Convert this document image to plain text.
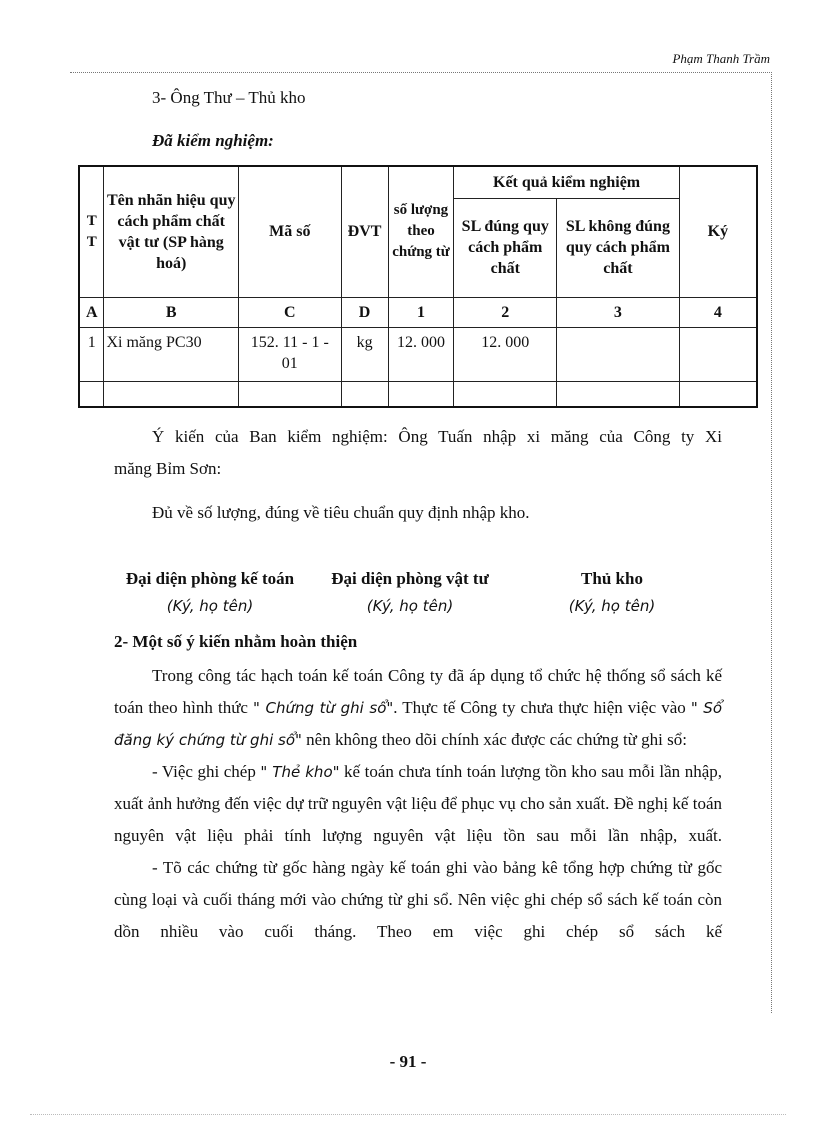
Phạm Thanh Trầm
3- Ông Thư – Thủ kho
Đã kiểm nghiệm:
T T	Tên nhãn hiệu quy cách phẩm chất vật tư (SP hàng hoá)	Mã số	ĐVT	số lượng theo chứng từ	Kết quả kiểm nghiệm		Ký
					SL đúng quy cách phẩm chất	SL không đúng quy cách phẩm chất	
A	B	C	D	1	2	3	4
1	Xi măng PC30	152. 11 - 1 - 01	kg	12. 000	12. 000		

Ý kiến của Ban kiểm nghiệm: Ông Tuấn nhập xi măng của Công ty Xi

măng Bỉm Sơn:

Đủ về số lượng, đúng về tiêu chuẩn quy định nhập kho.

Đại diện phòng kế toán
(Ký, họ tên)
Đại diện phòng vật tư
(Ký, họ tên)
Thủ kho
(Ký, họ tên)
2- Một số ý kiến nhằm hoàn thiện

Trong công tác hạch toán kế toán Công ty đã áp dụng tổ chức hệ thống sổ sách kế toán theo hình thức " Chứng từ ghi sổ". Thực tế Công ty chưa thực hiện việc vào " Sổ đăng ký chứng từ ghi sổ" nên không theo dõi chính xác được các chứng từ ghi sổ:

- Việc ghi chép " Thẻ kho" kế toán chưa tính toán lượng tồn kho sau mỗi lần nhập, xuất ảnh hưởng đến việc dự trữ nguyên vật liệu để phục vụ cho sản xuất. Đề nghị kế toán nguyên vật liệu phải tính lượng nguyên vật liệu tồn sau mỗi lần nhập, xuất.

- Tõ các chứng từ gốc hàng ngày kế toán ghi vào bảng kê tổng hợp chứng từ gốc cùng loại và cuối tháng mới vào chứng từ ghi sổ. Nên việc ghi chép sổ sách kế toán còn dồn nhiều vào cuối tháng. Theo em việc ghi chép sổ sách kế

- 91 -
